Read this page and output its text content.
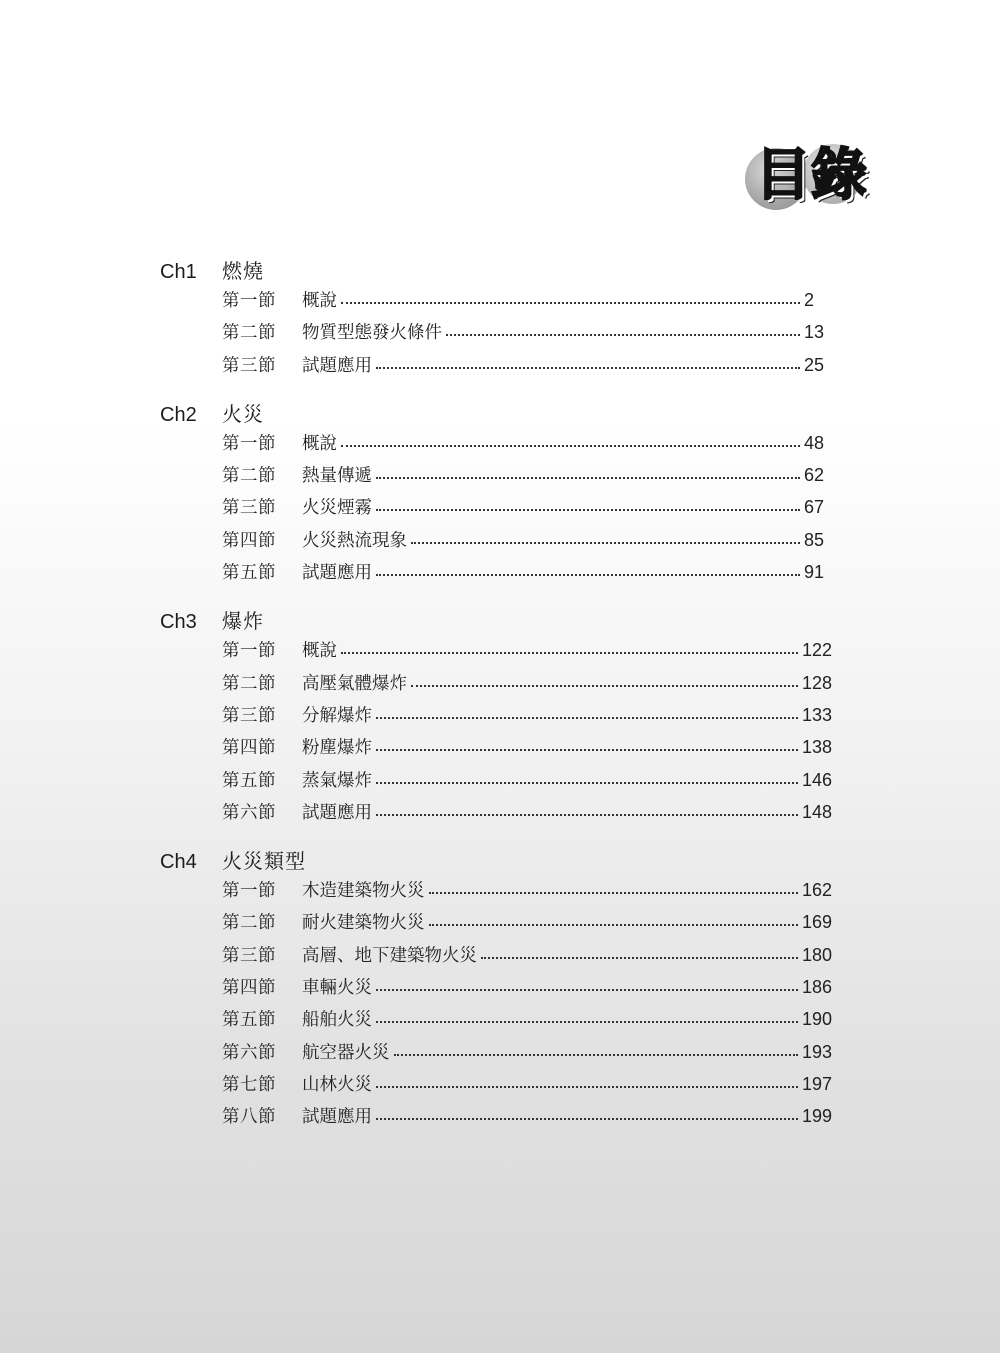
目 錄
Ch1	燃燒
第一節	概說	2
第二節	物質型態發火條件	13
第三節	試題應用	25
Ch2	火災
第一節	概說	48
第二節	熱量傳遞	62
第三節	火災煙霧	67
第四節	火災熱流現象	85
第五節	試題應用	91
Ch3	爆炸
第一節	概說	122
第二節	高壓氣體爆炸	128
第三節	分解爆炸	133
第四節	粉塵爆炸	138
第五節	蒸氣爆炸	146
第六節	試題應用	148
Ch4	火災類型
第一節	木造建築物火災	162
第二節	耐火建築物火災	169
第三節	高層、地下建築物火災	180
第四節	車輛火災	186
第五節	船舶火災	190
第六節	航空器火災	193
第七節	山林火災	197
第八節	試題應用	199
